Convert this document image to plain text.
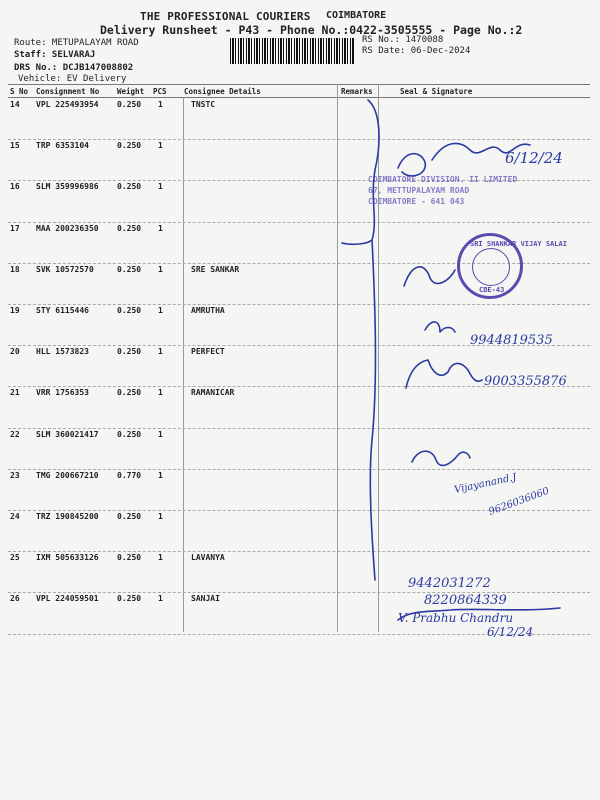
THE PROFESSIONAL COURIERS COIMBATORE
Delivery Runsheet - P43 - Phone No.:0422-3505555 - Page No.:2
Route: METUPALAYAM ROAD
Staff: SELVARAJ
DRS No.: DCJB147008802
Vehicle: EV Delivery
RS No.: 1470088
RS Date: 06-Dec-2024
S No Consignment No Weight PCS Consignee Details	Remarks	Seal & Signature
14 VPL 225493954 0.250 1	TNSTC
15 TRP 6353104	0.250 1
16 SLM 359996986 0.250 1
17 MAA 200236350 0.250 1
18 SVK 10572570	0.250 1	SRE SANKAR
19 STY 6115446	0.250 1	AMRUTHA
20 HLL 1573823	0.250 1	PERFECT
21 VRR 1756353	0.250 1	RAMANICAR
22 SLM 360021417 0.250 1
23 TMG 200667210 0.770 1
24 TRZ 190845200 0.250 1
25 IXM 505633126 0.250 1	LAVANYA
26 VPL 224059501 0.250 1	SANJAI
COIMBATORE DIVISION. II LIMITED
67, METTUPALAYAM ROAD
COIMBATORE - 641 043
SRI SHANKAR VIJAY SALAI
CBE-43
6/12/24
9944819535
9003355876
Vijayanand.J
9626036060
9442031272
8220864339
V. Prabhu Chandru
6/12/24
